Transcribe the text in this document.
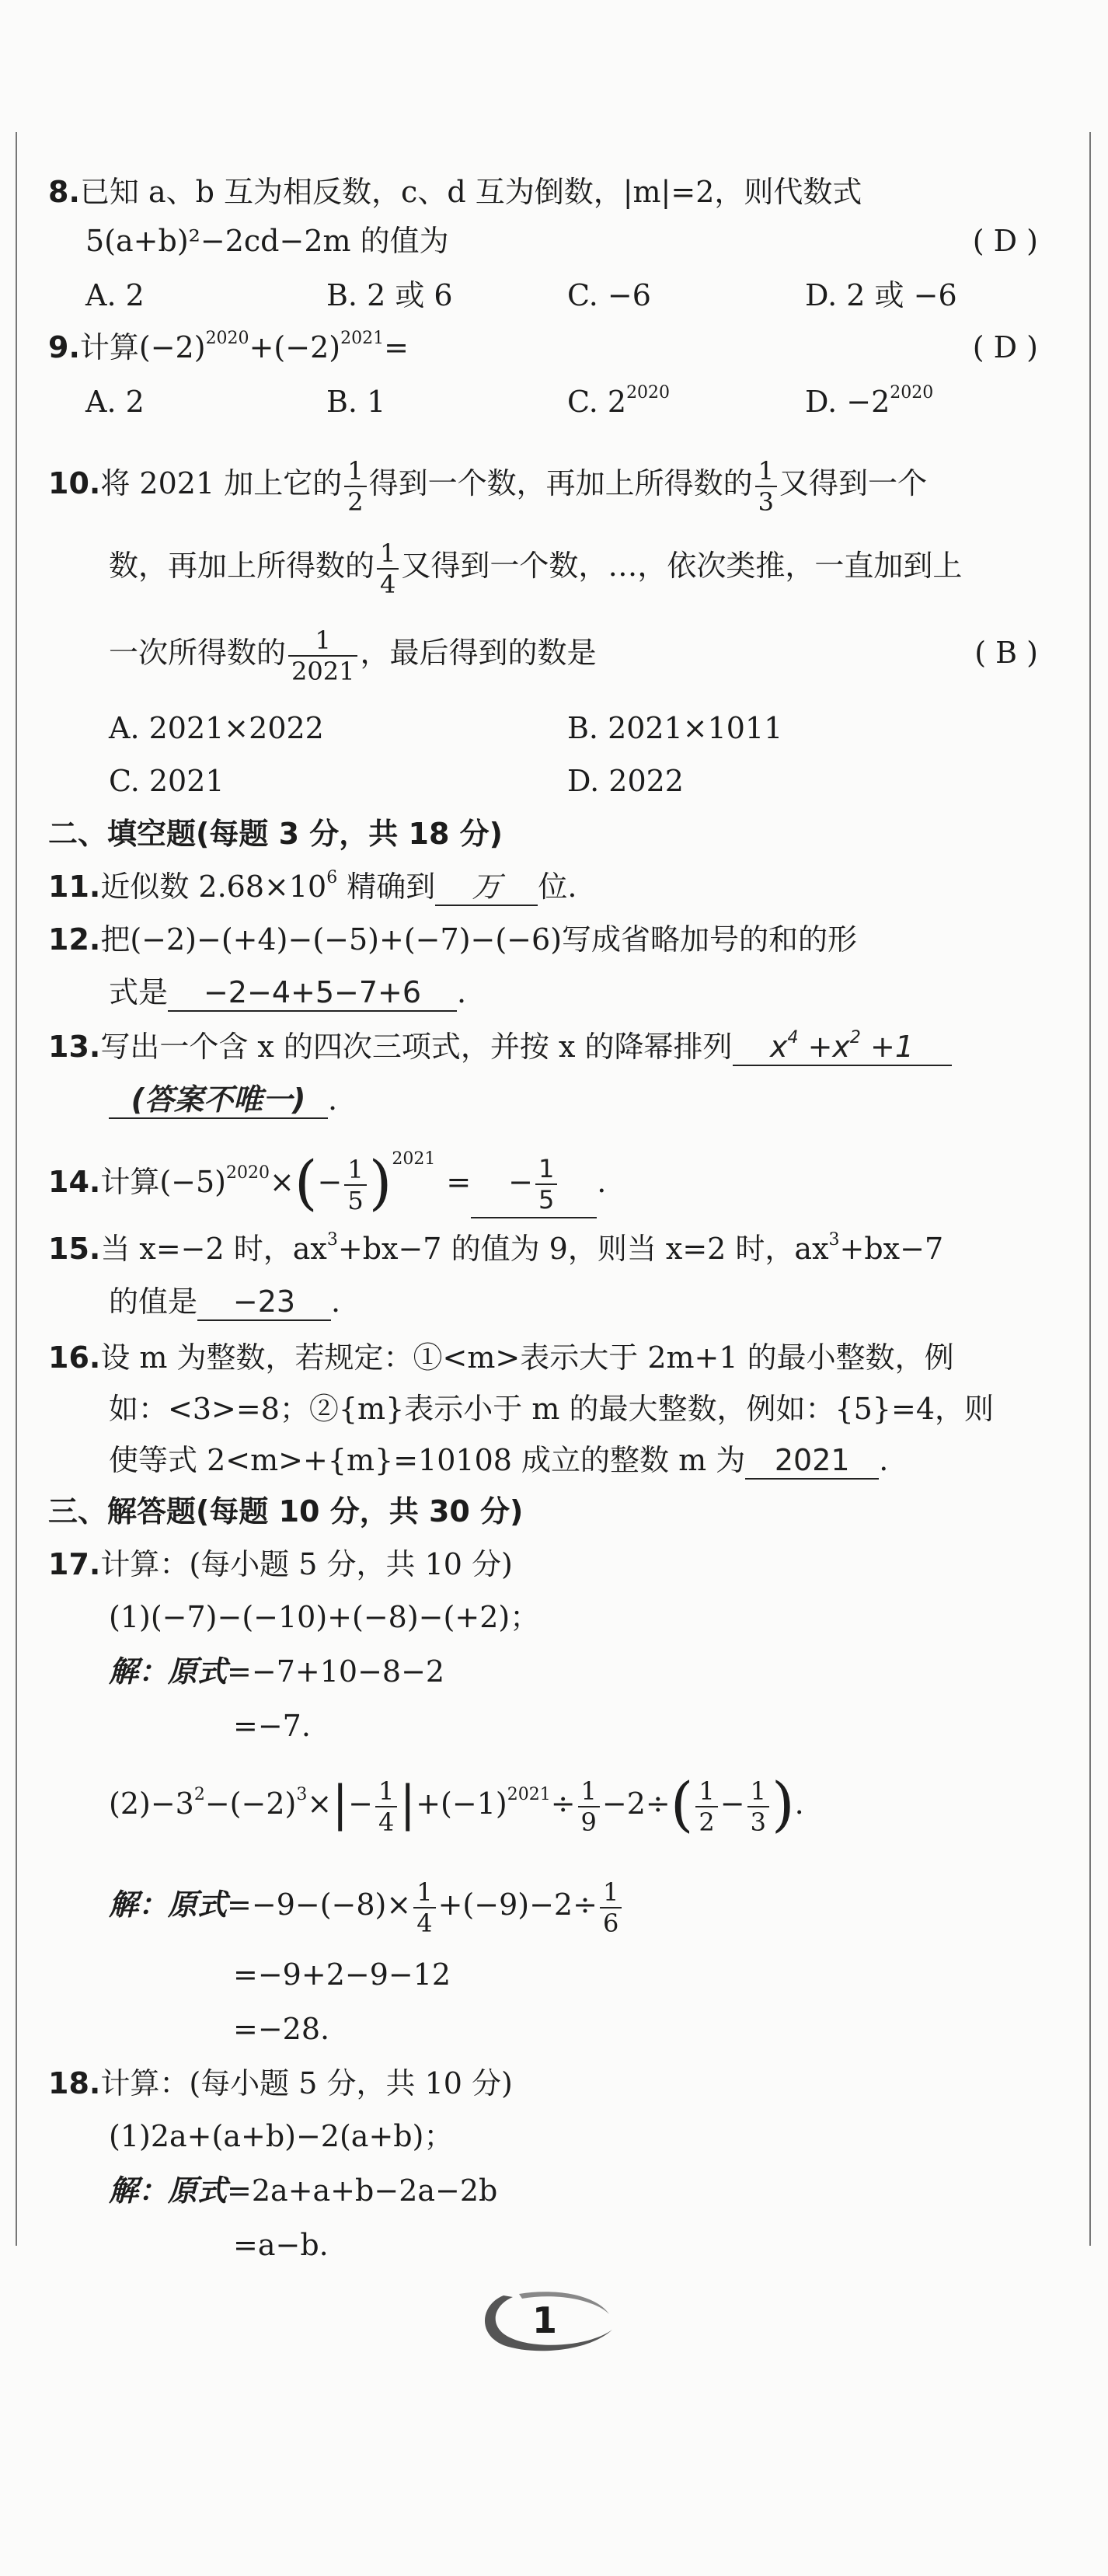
8.已知 a、b 互为相反数，c、d 互为倒数，|m|=2，则代数式
5(a+b)²−2cd−2m 的值为	( D )
A. 2	B. 2 或 6	C. −6	D. 2 或 −6
9.计算$(-2)^{2020}+(-2)^{2021}=$	( D )
A. 2	B. 1	C. $2^{2020}$	D. $-2^{2020}$
10.将 2021 加上它的 $\frac{1}{2}$ 得到一个数，再加上所得数的 $\frac{1}{3}$ 又得到一个
数，再加上所得数的 $\frac{1}{4}$ 又得到一个数，…，依次类推，一直加到上
一次所得数的 $\frac{1}{2021}$ ，最后得到的数是	( B )
A. 2021×2022	B. 2021×1011
C. 2021	D. 2022
二、填空题(每题 3 分，共 18 分)
11.近似数 $2.68\times 10^6$ 精确到 万 位.
12.把(−2)−(+4)−(−5)+(−7)−(−6)写成省略加号的和的形
式是 −2−4+5−7+6 .
13.写出一个含 x 的四次三项式，并按 x 的降幂排列 $x^4 +x^2 +1$
(答案不唯一) .
14.计算$(-5)^{2020}\times(- \frac{1}{5} )^{2021}= - \frac{1}{5}$ .
15.当 x=−2 时，$ax^3+bx-7$ 的值为 9，则当 x=2 时，$ax^3+bx-7$
的值是 −23 .
16.设 m 为整数，若规定：①<m>表示大于 2m+1 的最小整数，例
如：<3>=8；②{m}表示小于 m 的最大整数，例如：{5}=4，则
使等式 2<m>+{m}=10108 成立的整数 m 为 2021 .
三、解答题(每题 10 分，共 30 分)
17.计算：(每小题 5 分，共 10 分)
(1)(−7)−(−10)+(−8)−(+2)；
解：原式=−7+10−8−2
=−7.
$(2)-3^2-(-2)^3\times|- \frac{1}{4} |+(-1)^{2021}\div \frac{1}{9} -2\div( \frac{1}{2} - \frac{1}{3}$ ).
解：原式$=-9-(-8)\times \frac{1}{4} +(-9)-2\div \frac{1}{6}$
=−9+2−9−12
=−28.
18.计算：(每小题 5 分，共 10 分)
(1)2a+(a+b)−2(a+b)；
解：原式=2a+a+b−2a−2b
=a−b.
1
